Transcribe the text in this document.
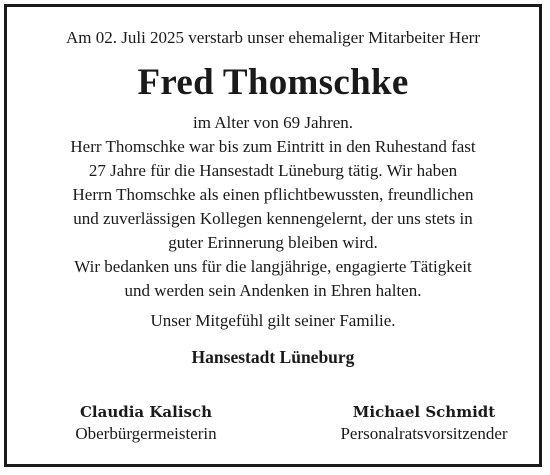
Am 02. Juli 2025 verstarb unser ehemaliger Mitarbeiter Herr
Fred Thomschke
im Alter von 69 Jahren.
Herr Thomschke war bis zum Eintritt in den Ruhestand fast
27 Jahre für die Hansestadt Lüneburg tätig. Wir haben
Herrn Thomschke als einen pflichtbewussten, freundlichen
und zuverlässigen Kollegen kennengelernt, der uns stets in
guter Erinnerung bleiben wird.
Wir bedanken uns für die langjährige, engagierte Tätigkeit
und werden sein Andenken in Ehren halten.
Unser Mitgefühl gilt seiner Familie.
Hansestadt Lüneburg
Claudia Kalisch
Oberbürgermeisterin
Michael Schmidt
Personalratsvorsitzender
